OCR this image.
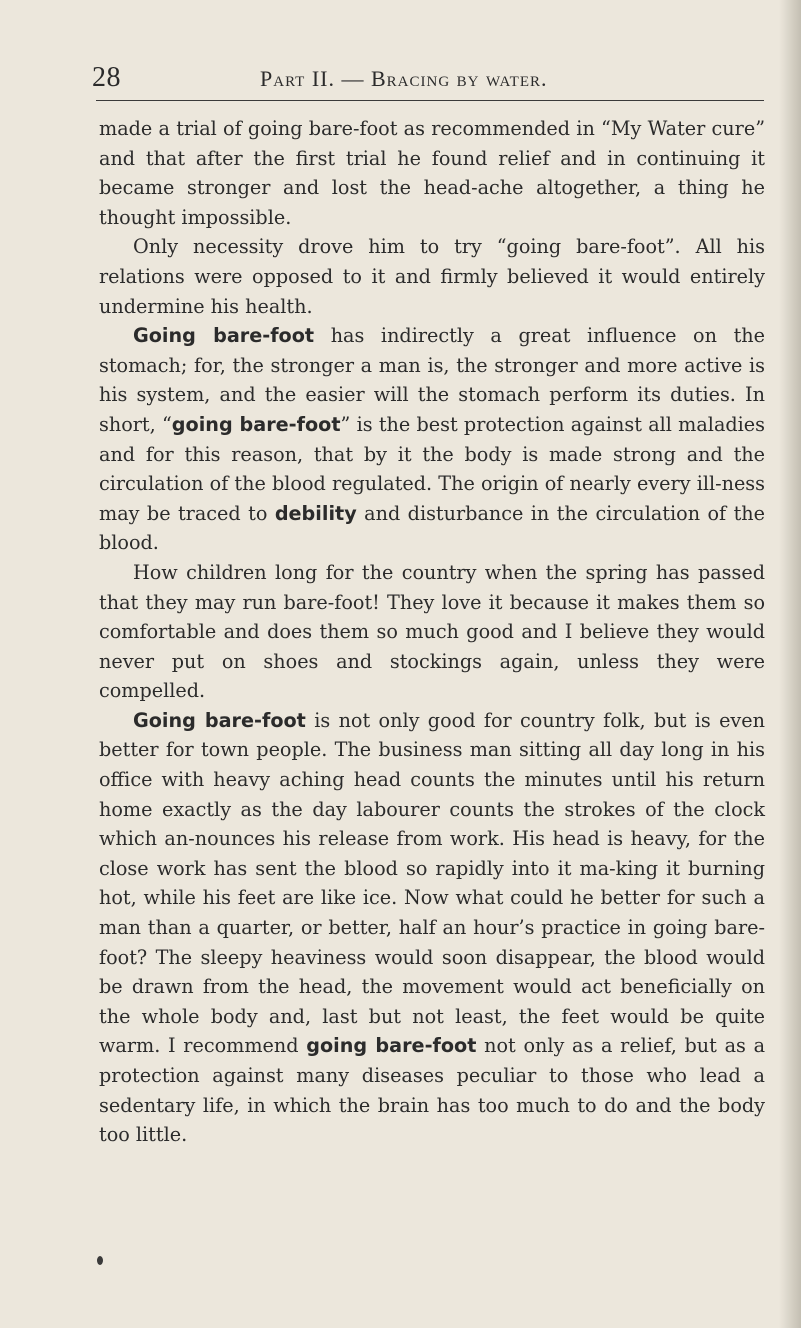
28	Part II. — Bracing by water.

made a trial of going bare-foot as recommended in “My Water cure” and that after the first trial he found relief and in continuing it became stronger and lost the head-ache altogether, a thing he thought impossible.

Only necessity drove him to try “going bare-foot”. All his relations were opposed to it and firmly believed it would entirely undermine his health.

Going bare-foot has indirectly a great influence on the stomach; for, the stronger a man is, the stronger and more active is his system, and the easier will the stomach perform its duties. In short, “going bare-foot” is the best protection against all maladies and for this reason, that by it the body is made strong and the circulation of the blood regulated. The origin of nearly every ill-ness may be traced to debility and disturbance in the circulation of the blood.

How children long for the country when the spring has passed that they may run bare-foot! They love it because it makes them so comfortable and does them so much good and I believe they would never put on shoes and stockings again, unless they were compelled.

Going bare-foot is not only good for country folk, but is even better for town people. The business man sitting all day long in his office with heavy aching head counts the minutes until his return home exactly as the day labourer counts the strokes of the clock which an-nounces his release from work. His head is heavy, for the close work has sent the blood so rapidly into it ma-king it burning hot, while his feet are like ice. Now what could he better for such a man than a quarter, or better, half an hour’s practice in going bare-foot? The sleepy heaviness would soon disappear, the blood would be drawn from the head, the movement would act beneficially on the whole body and, last but not least, the feet would be quite warm. I recommend going bare-foot not only as a relief, but as a protection against many diseases peculiar to those who lead a sedentary life, in which the brain has too much to do and the body too little.
